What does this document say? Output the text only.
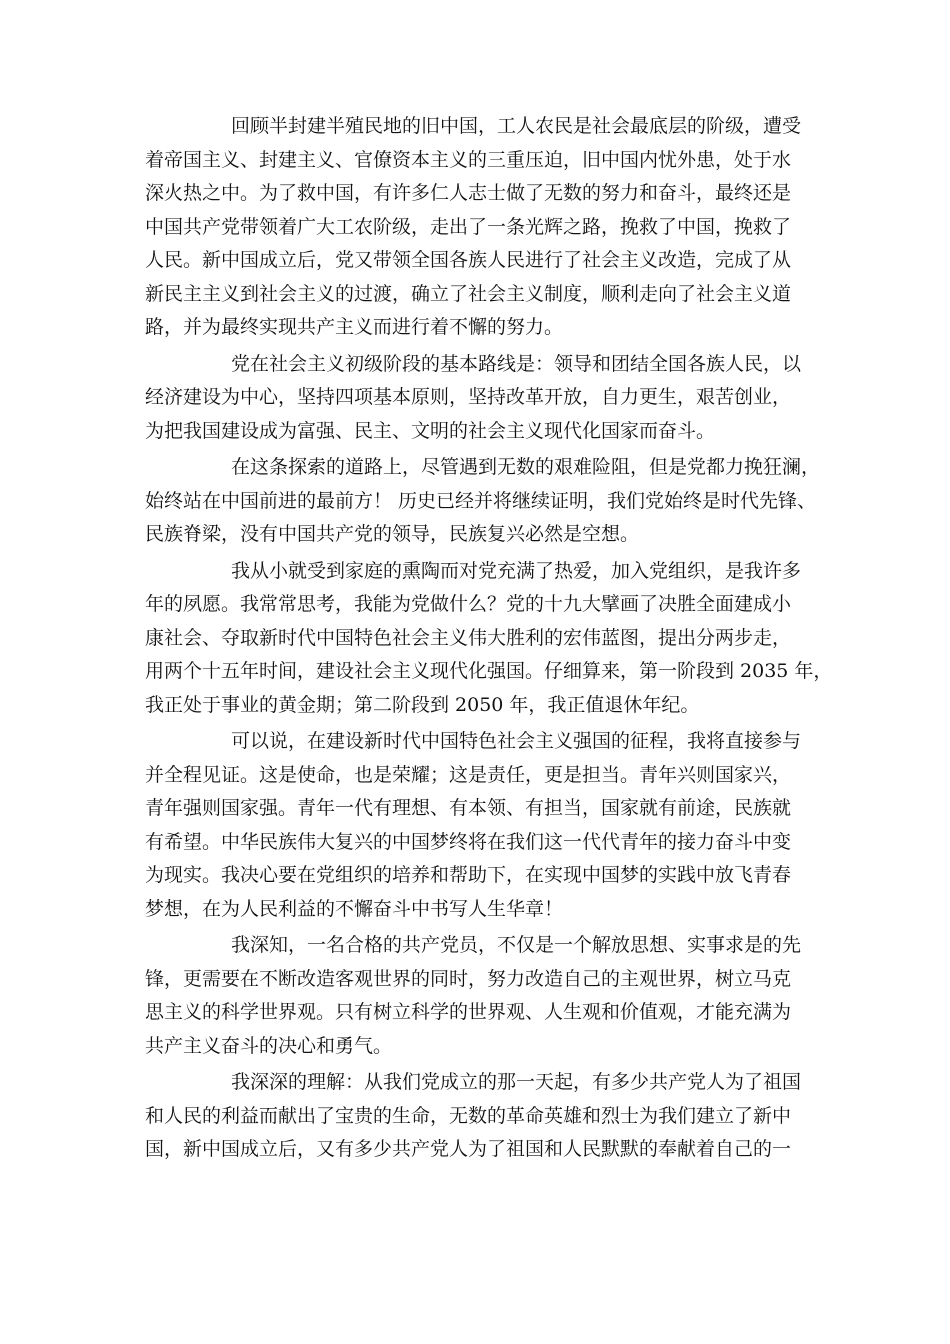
回顾半封建半殖民地的旧中国，工人农民是社会最底层的阶级，遭受
着帝国主义、封建主义、官僚资本主义的三重压迫，旧中国内忧外患，处于水
深火热之中。为了救中国，有许多仁人志士做了无数的努力和奋斗，最终还是
中国共产党带领着广大工农阶级，走出了一条光辉之路，挽救了中国，挽救了
人民。新中国成立后，党又带领全国各族人民进行了社会主义改造，完成了从
新民主主义到社会主义的过渡，确立了社会主义制度，顺利走向了社会主义道
路，并为最终实现共产主义而进行着不懈的努力。
党在社会主义初级阶段的基本路线是：领导和团结全国各族人民，以
经济建设为中心，坚持四项基本原则，坚持改革开放，自力更生，艰苦创业，
为把我国建设成为富强、民主、文明的社会主义现代化国家而奋斗。
在这条探索的道路上，尽管遇到无数的艰难险阻，但是党都力挽狂澜，
始终站在中国前进的最前方！ 历史已经并将继续证明，我们党始终是时代先锋、
民族脊梁，没有中国共产党的领导，民族复兴必然是空想。
我从小就受到家庭的熏陶而对党充满了热爱，加入党组织，是我许多
年的夙愿。我常常思考，我能为党做什么？党的十九大擘画了决胜全面建成小
康社会、夺取新时代中国特色社会主义伟大胜利的宏伟蓝图，提出分两步走，
用两个十五年时间，建设社会主义现代化强国。仔细算来，第一阶段到 2035 年，
我正处于事业的黄金期；第二阶段到 2050 年，我正值退休年纪。
可以说，在建设新时代中国特色社会主义强国的征程，我将直接参与
并全程见证。这是使命，也是荣耀；这是责任，更是担当。青年兴则国家兴，
青年强则国家强。青年一代有理想、有本领、有担当，国家就有前途，民族就
有希望。中华民族伟大复兴的中国梦终将在我们这一代代青年的接力奋斗中变
为现实。我决心要在党组织的培养和帮助下，在实现中国梦的实践中放飞青春
梦想，在为人民利益的不懈奋斗中书写人生华章！
我深知，一名合格的共产党员，不仅是一个解放思想、实事求是的先
锋，更需要在不断改造客观世界的同时，努力改造自己的主观世界，树立马克
思主义的科学世界观。只有树立科学的世界观、人生观和价值观，才能充满为
共产主义奋斗的决心和勇气。
我深深的理解：从我们党成立的那一天起，有多少共产党人为了祖国
和人民的利益而献出了宝贵的生命，无数的革命英雄和烈士为我们建立了新中
国，新中国成立后，又有多少共产党人为了祖国和人民默默的奉献着自己的一
